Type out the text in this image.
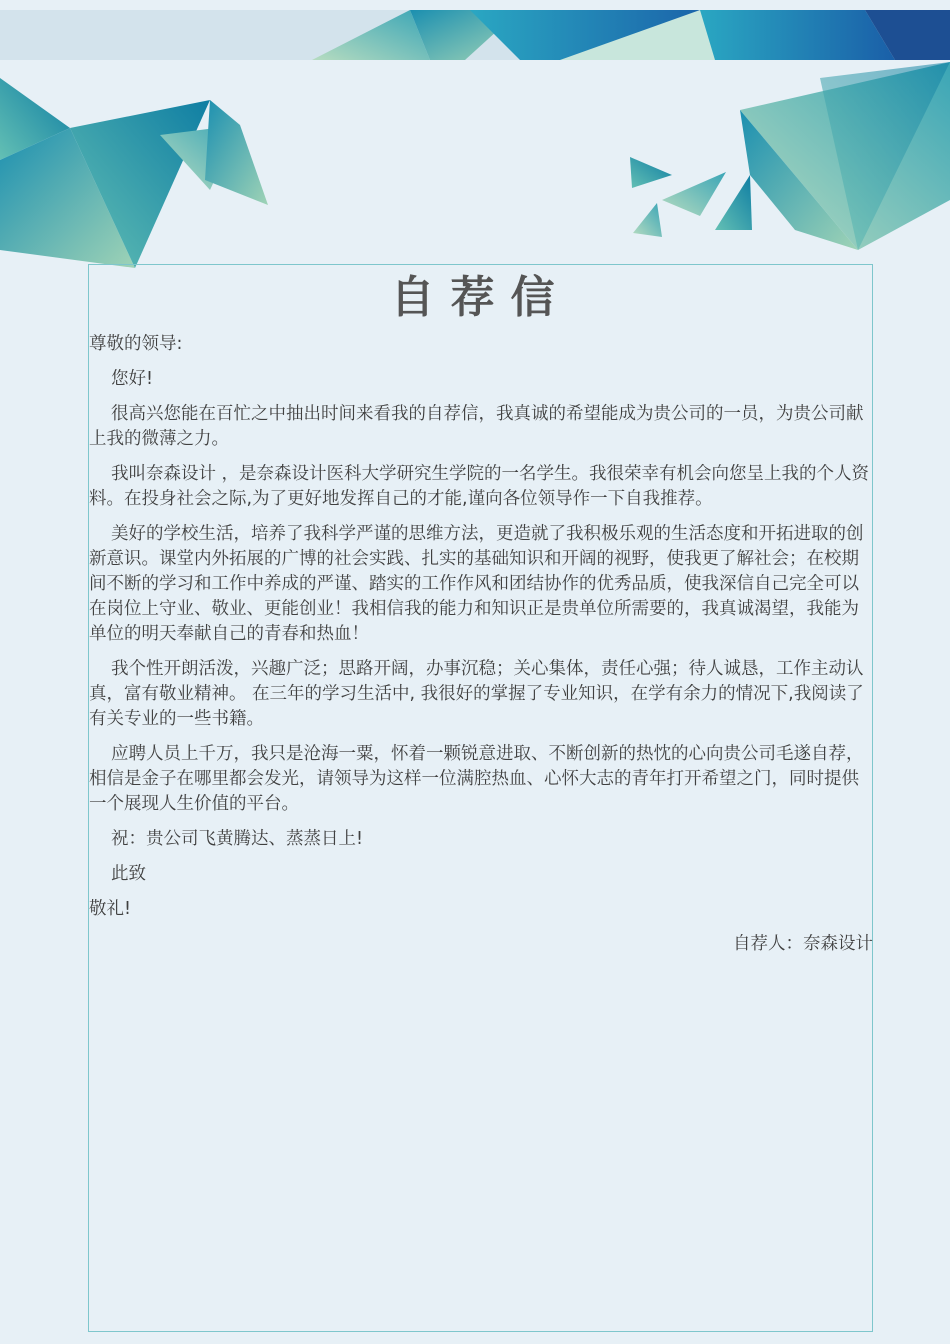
自荐信

尊敬的领导:

您好!

很高兴您能在百忙之中抽出时间来看我的自荐信，我真诚的希望能成为贵公司的一员，为贵公司献上我的微薄之力。

我叫奈森设计 ，是奈森设计医科大学研究生学院的一名学生。我很荣幸有机会向您呈上我的个人资料。在投身社会之际,为了更好地发挥自己的才能,谨向各位领导作一下自我推荐。

美好的学校生活，培养了我科学严谨的思维方法，更造就了我积极乐观的生活态度和开拓进取的创新意识。课堂内外拓展的广博的社会实践、扎实的基础知识和开阔的视野，使我更了解社会；在校期间不断的学习和工作中养成的严谨、踏实的工作作风和团结协作的优秀品质，使我深信自己完全可以在岗位上守业、敬业、更能创业！我相信我的能力和知识正是贵单位所需要的，我真诚渴望，我能为单位的明天奉献自己的青春和热血！

我个性开朗活泼，兴趣广泛；思路开阔，办事沉稳；关心集体，责任心强；待人诚恳，工作主动认真，富有敬业精神。 在三年的学习生活中, 我很好的掌握了专业知识，在学有余力的情况下,我阅读了有关专业的一些书籍。

应聘人员上千万，我只是沧海一粟，怀着一颗锐意进取、不断创新的热忱的心向贵公司毛遂自荐，相信是金子在哪里都会发光，请领导为这样一位满腔热血、心怀大志的青年打开希望之门，同时提供一个展现人生价值的平台。

祝：贵公司飞黄腾达、蒸蒸日上!

此致

敬礼!

自荐人：奈森设计
